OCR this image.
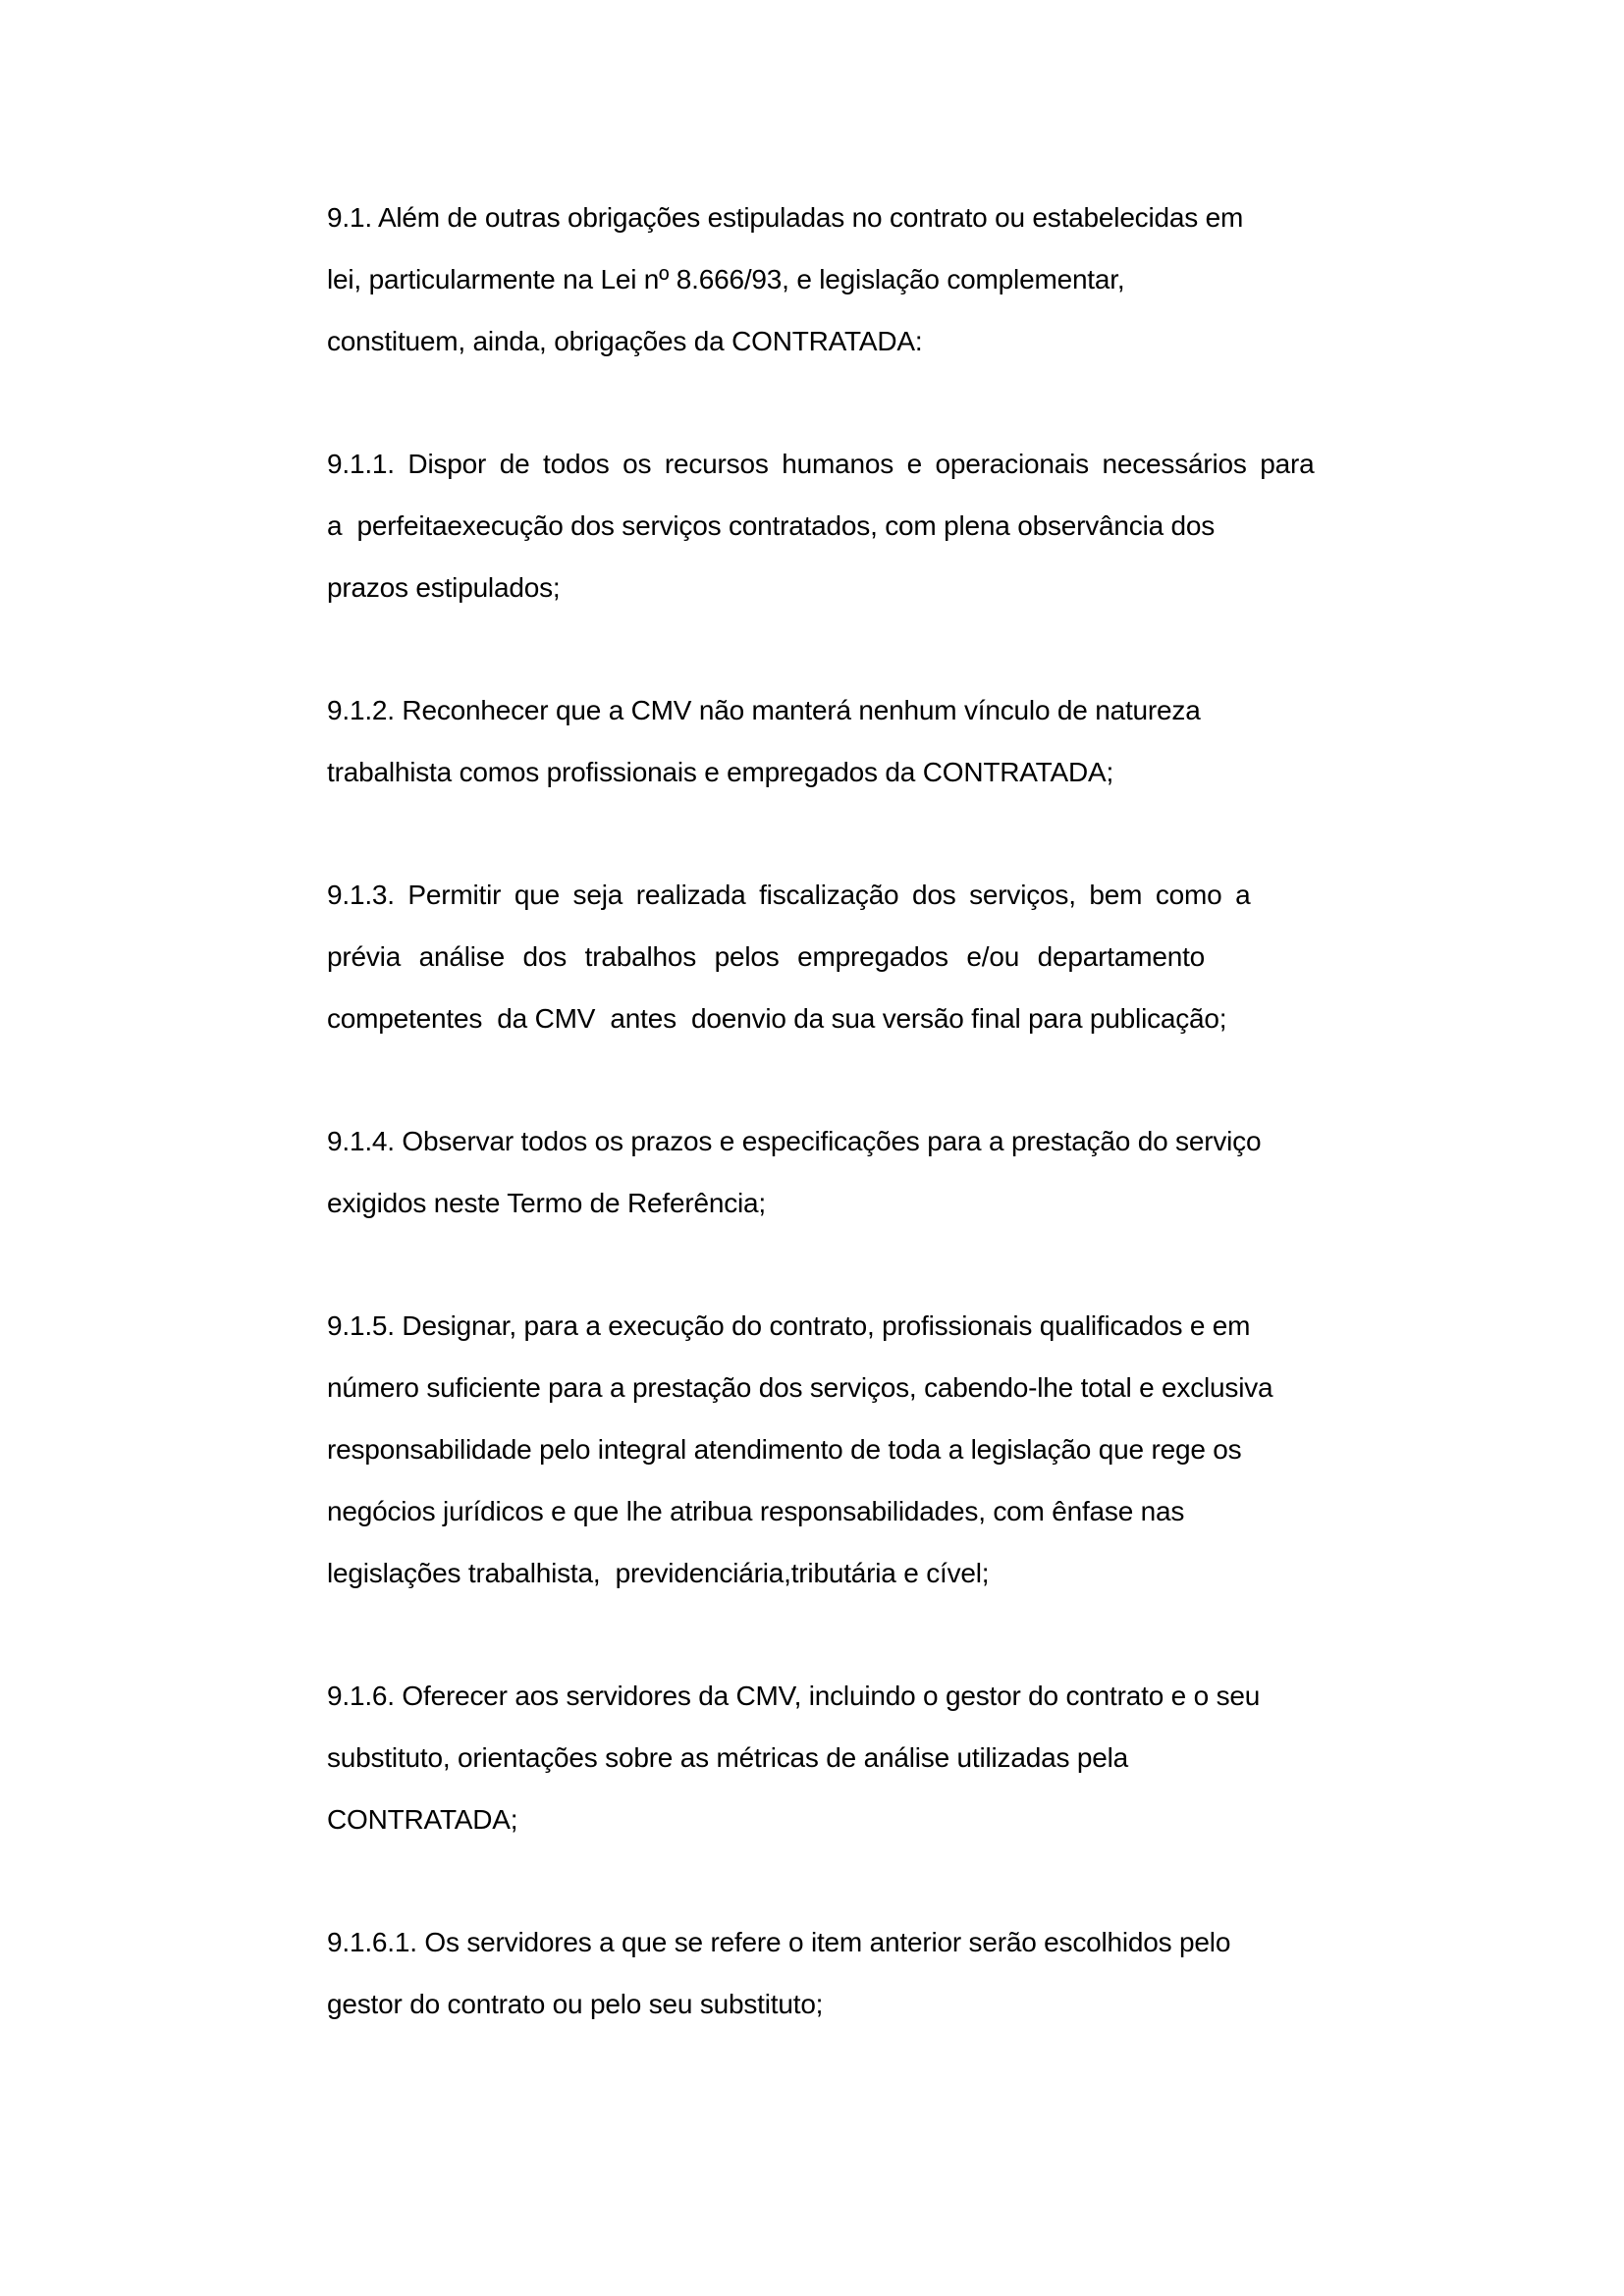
9.1. Além de outras obrigações estipuladas no contrato ou estabelecidas em
lei, particularmente na Lei nº 8.666/93, e legislação complementar,
constituem, ainda, obrigações da CONTRATADA:
9.1.1. Dispor de todos os recursos humanos e operacionais necessários para
a  perfeitaexecução dos serviços contratados, com plena observância dos
prazos estipulados;
9.1.2. Reconhecer que a CMV não manterá nenhum vínculo de natureza
trabalhista comos profissionais e empregados da CONTRATADA;
9.1.3. Permitir que seja realizada fiscalização dos serviços, bem como a
prévia análise dos trabalhos pelos empregados e/ou departamento
competentes  da CMV  antes  doenvio da sua versão final para publicação;
9.1.4. Observar todos os prazos e especificações para a prestação do serviço
exigidos neste Termo de Referência;
9.1.5. Designar, para a execução do contrato, profissionais qualificados e em
número suficiente para a prestação dos serviços, cabendo-lhe total e exclusiva
responsabilidade pelo integral atendimento de toda a legislação que rege os
negócios jurídicos e que lhe atribua responsabilidades, com ênfase nas
legislações trabalhista,  previdenciária,tributária e cível;
9.1.6. Oferecer aos servidores da CMV, incluindo o gestor do contrato e o seu
substituto, orientações sobre as métricas de análise utilizadas pela
CONTRATADA;
9.1.6.1. Os servidores a que se refere o item anterior serão escolhidos pelo
gestor do contrato ou pelo seu substituto;
